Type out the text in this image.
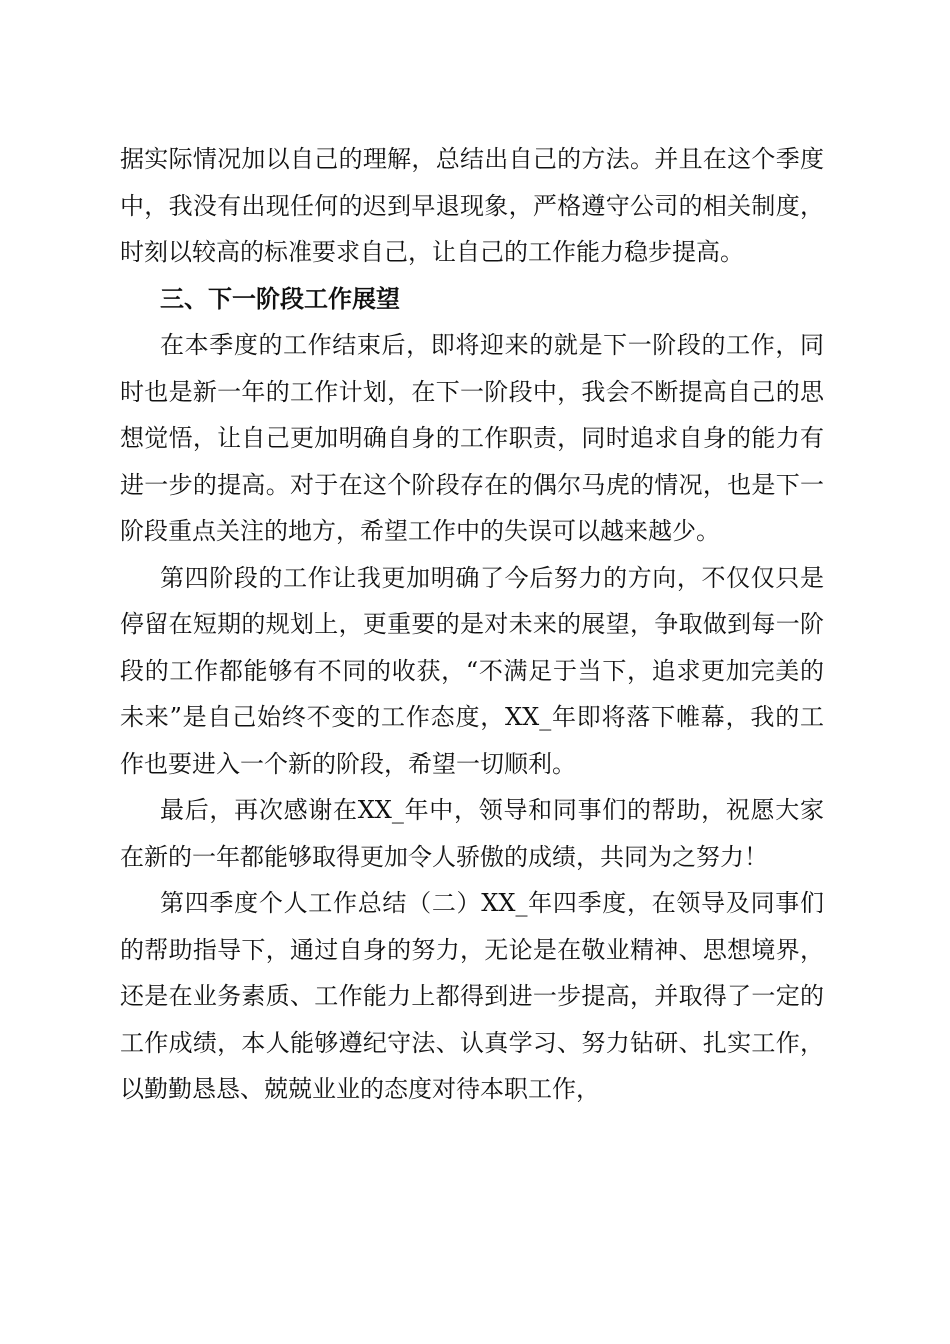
据实际情况加以自己的理解，总结出自己的方法。并且在这个季度中，我没有出现任何的迟到早退现象，严格遵守公司的相关制度，时刻以较高的标准要求自己，让自己的工作能力稳步提高。

三、下一阶段工作展望

在本季度的工作结束后，即将迎来的就是下一阶段的工作，同时也是新一年的工作计划，在下一阶段中，我会不断提高自己的思想觉悟，让自己更加明确自身的工作职责，同时追求自身的能力有进一步的提高。对于在这个阶段存在的偶尔马虎的情况，也是下一阶段重点关注的地方，希望工作中的失误可以越来越少。

第四阶段的工作让我更加明确了今后努力的方向，不仅仅只是停留在短期的规划上，更重要的是对未来的展望，争取做到每一阶段的工作都能够有不同的收获，“不满足于当下，追求更加完美的未来”是自己始终不变的工作态度，XX_年即将落下帷幕，我的工作也要进入一个新的阶段，希望一切顺利。

最后，再次感谢在XX_年中，领导和同事们的帮助，祝愿大家在新的一年都能够取得更加令人骄傲的成绩，共同为之努力！

第四季度个人工作总结（二）XX_年四季度，在领导及同事们的帮助指导下，通过自身的努力，无论是在敬业精神、思想境界，还是在业务素质、工作能力上都得到进一步提高，并取得了一定的工作成绩，本人能够遵纪守法、认真学习、努力钻研、扎实工作，以勤勤恳恳、兢兢业业的态度对待本职工作，
